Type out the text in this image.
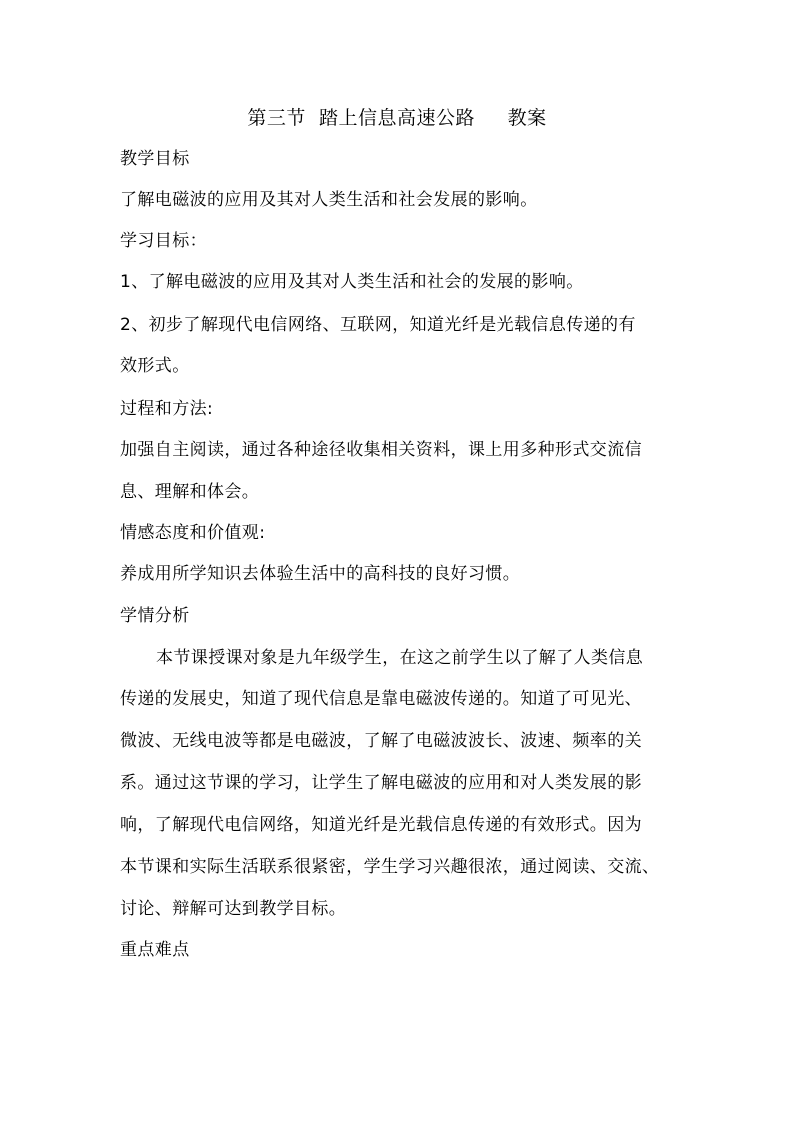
第三节  踏上信息高速公路     教案
教学目标
了解电磁波的应用及其对人类生活和社会发展的影响。
学习目标：
1、了解电磁波的应用及其对人类生活和社会的发展的影响。
2、初步了解现代电信网络、互联网，知道光纤是光载信息传递的有
效形式。
过程和方法:
加强自主阅读，通过各种途径收集相关资料，课上用多种形式交流信
息、理解和体会。
情感态度和价值观:
养成用所学知识去体验生活中的高科技的良好习惯。
学情分析
本节课授课对象是九年级学生，在这之前学生以了解了人类信息
传递的发展史，知道了现代信息是靠电磁波传递的。知道了可见光、
微波、无线电波等都是电磁波，了解了电磁波波长、波速、频率的关
系。通过这节课的学习，让学生了解电磁波的应用和对人类发展的影
响，了解现代电信网络，知道光纤是光载信息传递的有效形式。因为
本节课和实际生活联系很紧密，学生学习兴趣很浓，通过阅读、交流、
讨论、辩解可达到教学目标。
重点难点
